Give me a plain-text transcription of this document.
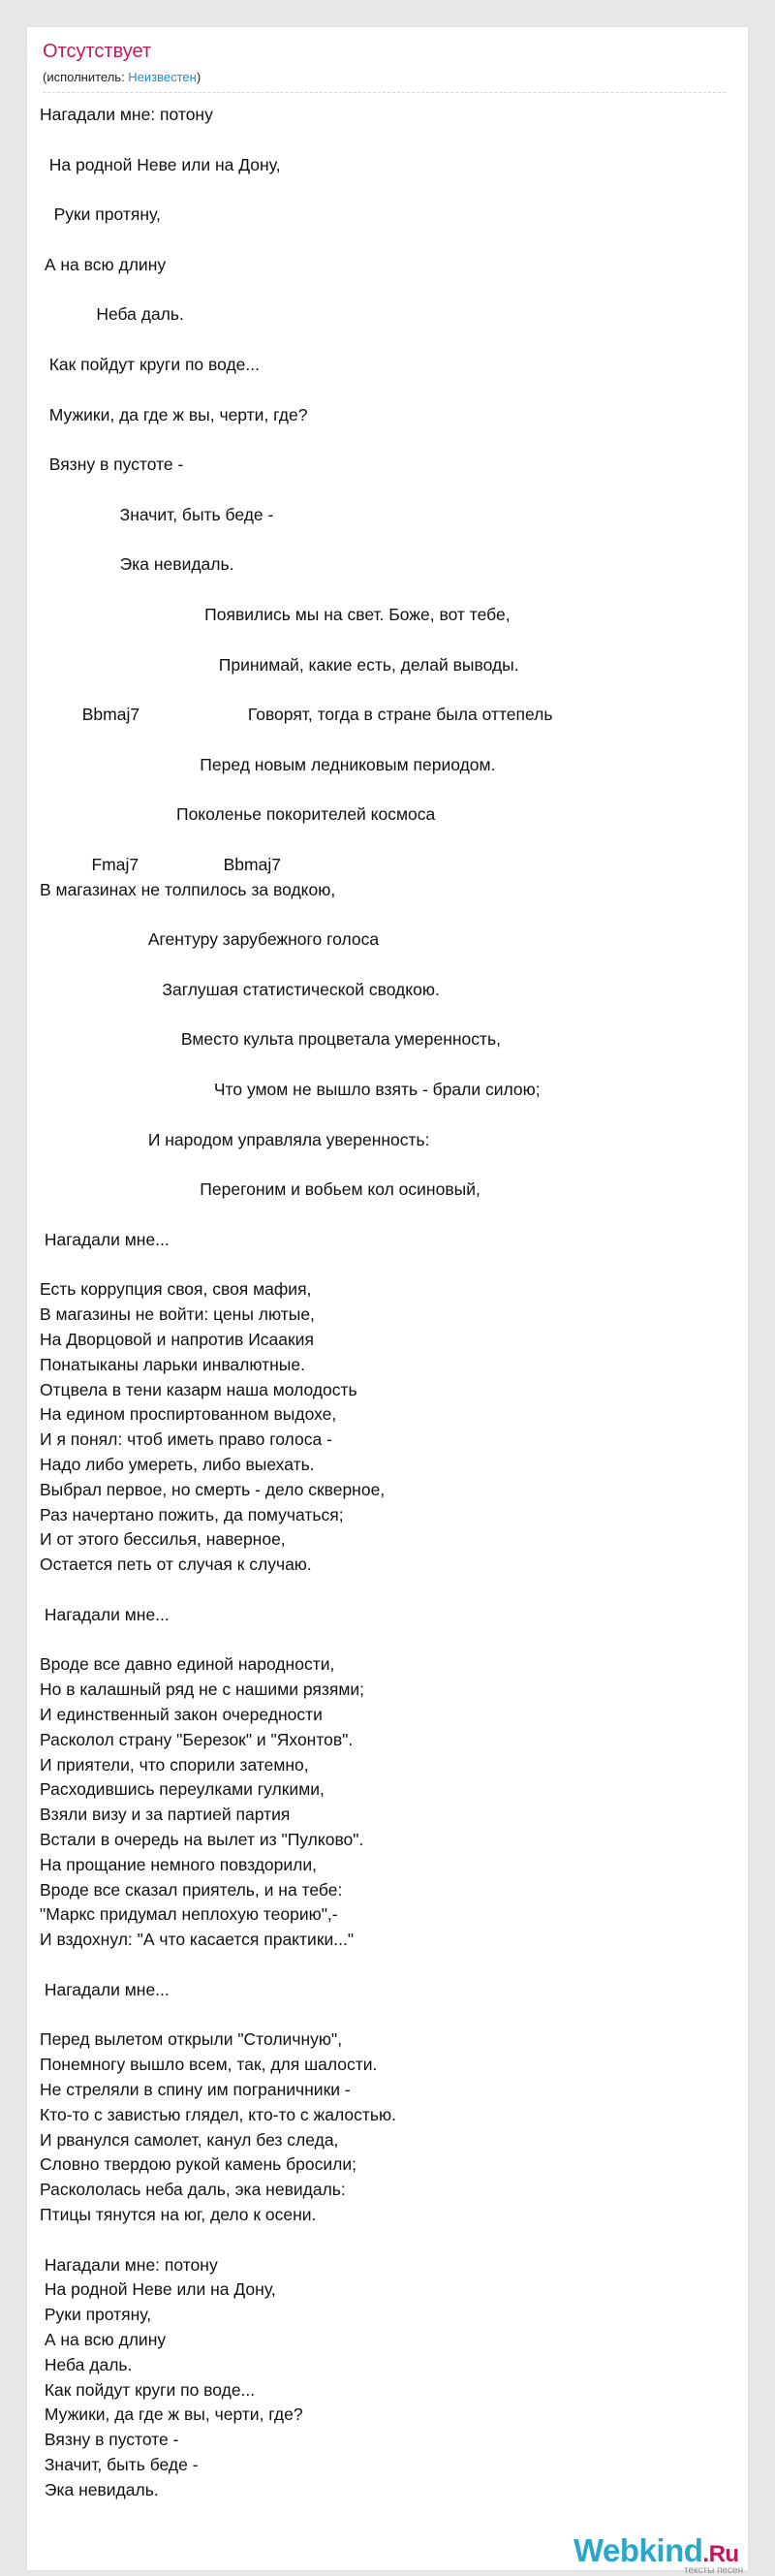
Отсутствует
(исполнитель: Неизвестен)
Нагадали мне: потону

На родной Неве или на Дону,

Руки протяну,

А на всю длину

Неба даль.

Как пойдут круги по воде...

Мужики, да где ж вы, черти, где?

Вязну в пустоте -

Значит, быть беде -

Эка невидаль.

Появились мы на свет. Боже, вот тебе,

Принимай, какие есть, делай выводы.

Bbmaj7                       Говорят, тогда в стране была оттепель

Перед новым ледниковым периодом.

Поколенье покорителей космоса

Fmaj7                  Bbmaj7
В магазинах не толпилось за водкою,

Агентуру зарубежного голоса

Заглушая статистической сводкою.

Вместо культа процветала умеренность,

Что умом не вышло взять - брали силою;

И народом управляла уверенность:

Перегоним и вобьем кол осиновый,

Нагадали мне...

Есть коррупция своя, своя мафия,
В магазины не войти: цены лютые,
На Дворцовой и напротив Исаакия
Понатыканы ларьки инвалютные.
Отцвела в тени казарм наша молодость
На едином проспиртованном выдохе,
И я понял: чтоб иметь право голоса -
Надо либо умереть, либо выехать.
Выбрал первое, но смерть - дело скверное,
Раз начертано пожить, да помучаться;
И от этого бессилья, наверное,
Остается петь от случая к случаю.

Нагадали мне...

Вроде все давно единой народности,
Но в калашный ряд не с нашими рязями;
И единственный закон очередности
Расколол страну "Березок" и "Яхонтов".
И приятели, что спорили затемно,
Расходившись переулками гулкими,
Взяли визу и за партией партия
Встали в очередь на вылет из "Пулково".
На прощание немного повздорили,
Вроде все сказал приятель, и на тебе:
"Маркс придумал неплохую теорию",-
И вздохнул: "А что касается практики..."

Нагадали мне...

Перед вылетом открыли "Столичную",
Понемногу вышло всем, так, для шалости.
Не стреляли в спину им пограничники -
Кто-то с завистью глядел, кто-то с жалостью.
И рванулся самолет, канул без следа,
Словно твердою рукой камень бросили;
Раскололась неба даль, эка невидаль:
Птицы тянутся на юг, дело к осени.

Нагадали мне: потону
На родной Неве или на Дону,
Руки протяну,
А на всю длину
Неба даль.
Как пойдут круги по воде...
Мужики, да где ж вы, черти, где?
Вязну в пустоте -
Значит, быть беде -
Эка невидаль.
Webkind.Ru
тексты песен
